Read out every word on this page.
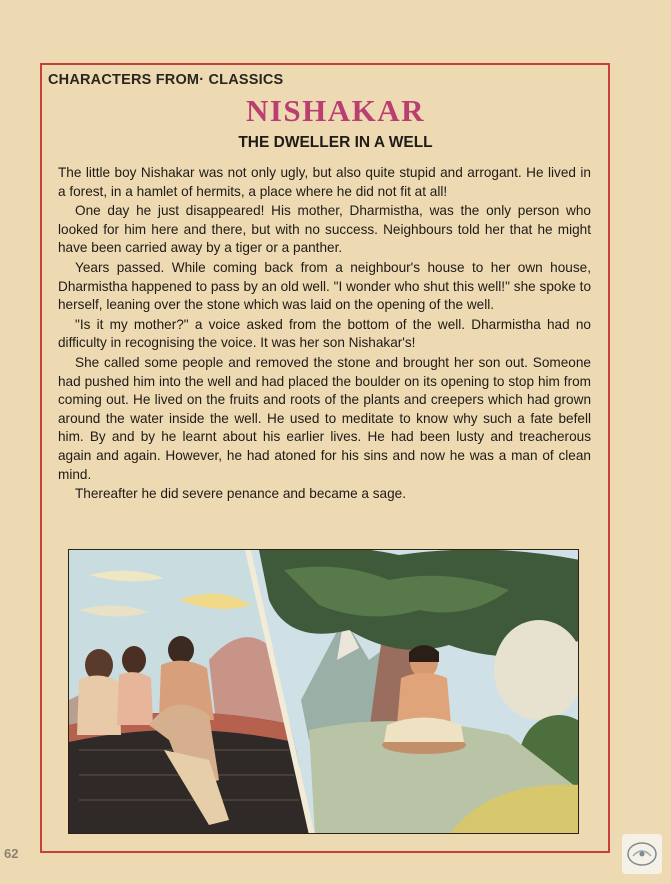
CHARACTERS FROM· CLASSICS
NISHAKAR
THE DWELLER IN A WELL

The little boy Nishakar was not only ugly, but also quite stupid and arrogant. He lived in a forest, in a hamlet of hermits, a place where he did not fit at all!

One day he just disappeared! His mother, Dharmistha, was the only person who looked for him here and there, but with no success. Neighbours told her that he might have been carried away by a tiger or a panther.

Years passed. While coming back from a neighbour's house to her own house, Dharmistha happened to pass by an old well. "I wonder who shut this well!" she spoke to herself, leaning over the stone which was laid on the opening of the well.

"Is it my mother?" a voice asked from the bottom of the well. Dharmistha had no difficulty in recognising the voice. It was her son Nishakar's!

She called some people and removed the stone and brought her son out. Someone had pushed him into the well and had placed the boulder on its opening to stop him from coming out. He lived on the fruits and roots of the plants and creepers which had grown around the water inside the well. He used to meditate to know why such a fate befell him. By and by he learnt about his earlier lives. He had been lusty and treacherous again and again. However, he had atoned for his sins and now he was a man of clean mind.

Thereafter he did severe penance and became a sage.

62
